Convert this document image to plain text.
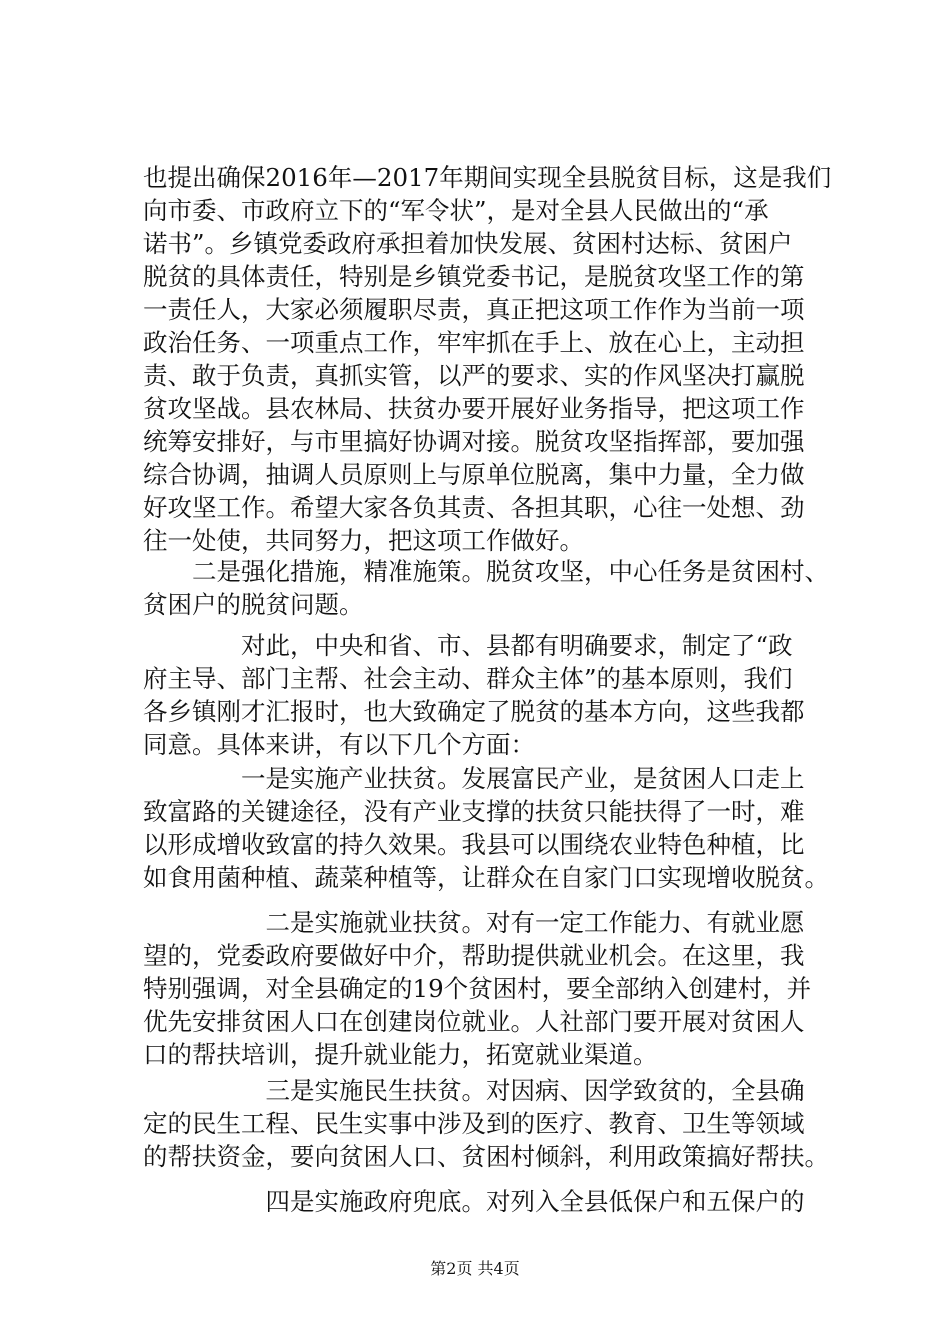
也提出确保2016年—2017年期间实现全县脱贫目标，这是我们
向市委、市政府立下的“军令状”，是对全县人民做出的“承
诺书”。乡镇党委政府承担着加快发展、贫困村达标、贫困户
脱贫的具体责任，特别是乡镇党委书记，是脱贫攻坚工作的第
一责任人，大家必须履职尽责，真正把这项工作作为当前一项
政治任务、一项重点工作，牢牢抓在手上、放在心上，主动担
责、敢于负责，真抓实管，以严的要求、实的作风坚决打赢脱
贫攻坚战。县农林局、扶贫办要开展好业务指导，把这项工作
统筹安排好，与市里搞好协调对接。脱贫攻坚指挥部，要加强
综合协调，抽调人员原则上与原单位脱离，集中力量，全力做
好攻坚工作。希望大家各负其责、各担其职，心往一处想、劲
往一处使，共同努力，把这项工作做好。
　　二是强化措施，精准施策。脱贫攻坚，中心任务是贫困村、
贫困户的脱贫问题。
　　　　对此，中央和省、市、县都有明确要求，制定了“政
府主导、部门主帮、社会主动、群众主体”的基本原则，我们
各乡镇刚才汇报时，也大致确定了脱贫的基本方向，这些我都
同意。具体来讲，有以下几个方面：
　　　　一是实施产业扶贫。发展富民产业，是贫困人口走上
致富路的关键途径，没有产业支撑的扶贫只能扶得了一时，难
以形成增收致富的持久效果。我县可以围绕农业特色种植，比
如食用菌种植、蔬菜种植等，让群众在自家门口实现增收脱贫。
　　　　　二是实施就业扶贫。对有一定工作能力、有就业愿
望的，党委政府要做好中介，帮助提供就业机会。在这里，我
特别强调，对全县确定的19个贫困村，要全部纳入创建村，并
优先安排贫困人口在创建岗位就业。人社部门要开展对贫困人
口的帮扶培训，提升就业能力，拓宽就业渠道。
　　　　　三是实施民生扶贫。对因病、因学致贫的，全县确
定的民生工程、民生实事中涉及到的医疗、教育、卫生等领域
的帮扶资金，要向贫困人口、贫困村倾斜，利用政策搞好帮扶。
　　　　　四是实施政府兜底。对列入全县低保户和五保户的
第2页 共4页
